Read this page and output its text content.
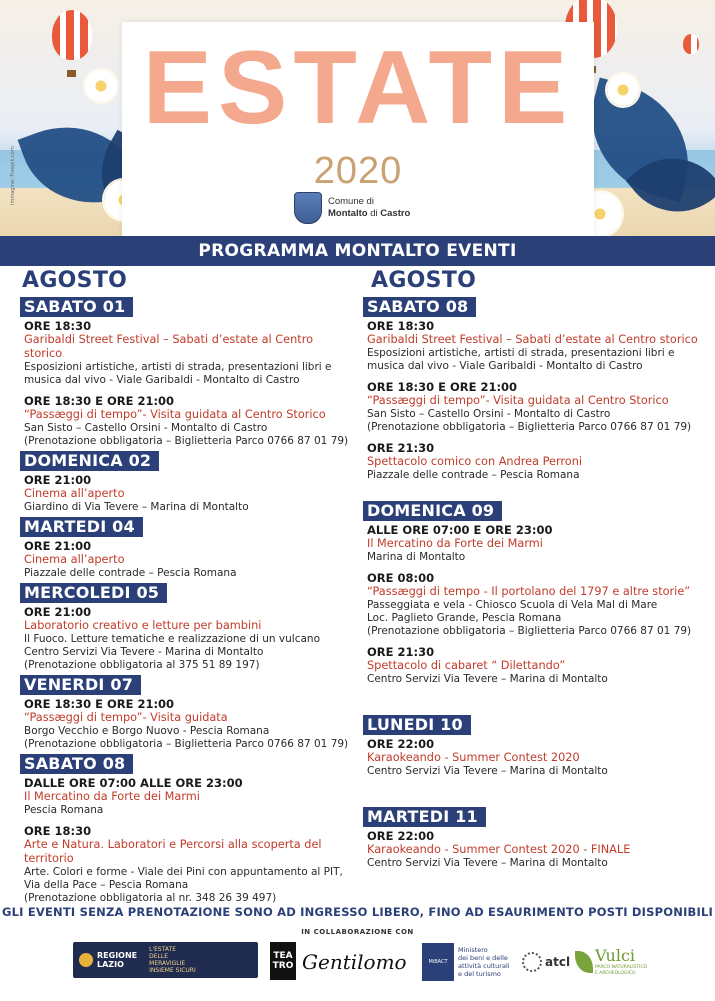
Immagine: Freepik.com
ESTATE
2020
Comune di
Montalto di Castro
PROGRAMMA MONTALTO EVENTI
AGOSTO
SABATO 01
ORE 18:30
Garibaldi Street Festival – Sabati d’estate al Centro storico
Esposizioni artistiche, artisti di strada, presentazioni libri e
musica dal vivo - Viale Garibaldi - Montalto di Castro
ORE 18:30 E ORE 21:00
“Passæggi di tempo”- Visita guidata al Centro Storico
San Sisto – Castello Orsini - Montalto di Castro
(Prenotazione obbligatoria – Biglietteria Parco 0766 87 01 79)
DOMENICA 02
ORE 21:00
Cinema all’aperto
Giardino di Via Tevere – Marina di Montalto
MARTEDI 04
ORE 21:00
Cinema all’aperto
Piazzale delle contrade – Pescia Romana
MERCOLEDI 05
ORE 21:00
Laboratorio creativo e letture per bambini
Il Fuoco. Letture tematiche e realizzazione di un vulcano
Centro Servizi Via Tevere - Marina di Montalto
(Prenotazione obbligatoria al 375 51 89 197)
VENERDI 07
ORE 18:30 E ORE 21:00
“Passæggi di tempo”- Visita guidata
Borgo Vecchio e Borgo Nuovo - Pescia Romana
(Prenotazione obbligatoria – Biglietteria Parco 0766 87 01 79)
SABATO 08
DALLE ORE 07:00 ALLE ORE 23:00
Il Mercatino da Forte dei Marmi
Pescia Romana
ORE 18:30
Arte e Natura. Laboratori e Percorsi alla scoperta del territorio
Arte. Colori e forme - Viale dei Pini con appuntamento al PIT,
Via della Pace – Pescia Romana
(Prenotazione obbligatoria al nr. 348 26 39 497)
AGOSTO
SABATO 08
ORE 18:30
Garibaldi Street Festival – Sabati d’estate al Centro storico
Esposizioni artistiche, artisti di strada, presentazioni libri e
musica dal vivo - Viale Garibaldi - Montalto di Castro
ORE 18:30 E ORE 21:00
“Passæggi di tempo”- Visita guidata al Centro Storico
San Sisto – Castello Orsini - Montalto di Castro
(Prenotazione obbligatoria – Biglietteria Parco 0766 87 01 79)
ORE 21:30
Spettacolo comico con Andrea Perroni
Piazzale delle contrade – Pescia Romana
DOMENICA 09
ALLE ORE 07:00 E ORE 23:00
Il Mercatino da Forte dei Marmi
Marina di Montalto
ORE 08:00
“Passæggi di tempo - Il portolano del 1797 e altre storie”
Passeggiata e vela - Chiosco Scuola di Vela Mal di Mare
Loc. Paglieto Grande, Pescia Romana
(Prenotazione obbligatoria – Biglietteria Parco 0766 87 01 79)
ORE 21:30
Spettacolo di cabaret “ Dilettando”
Centro Servizi Via Tevere – Marina di Montalto
LUNEDI 10
ORE 22:00
Karaokeando - Summer Contest 2020
Centro Servizi Via Tevere – Marina di Montalto
MARTEDI 11
ORE 22:00
Karaokeando - Summer Contest 2020 - FINALE
Centro Servizi Via Tevere – Marina di Montalto
GLI EVENTI SENZA PRENOTAZIONE SONO AD INGRESSO LIBERO, FINO AD ESAURIMENTO POSTI DISPONIBILI
IN COLLABORAZIONE CON
REGIONE
LAZIO
L'ESTATE
DELLE
MERAVIGLIE
INSIEME SICURI
TEA
TRO Gentilomo	MiBACT
Ministero
dei beni e delle
attività culturali
e del turismo
atcl Vulci
PARCO NATURALISTICO
E ARCHEOLOGICO
